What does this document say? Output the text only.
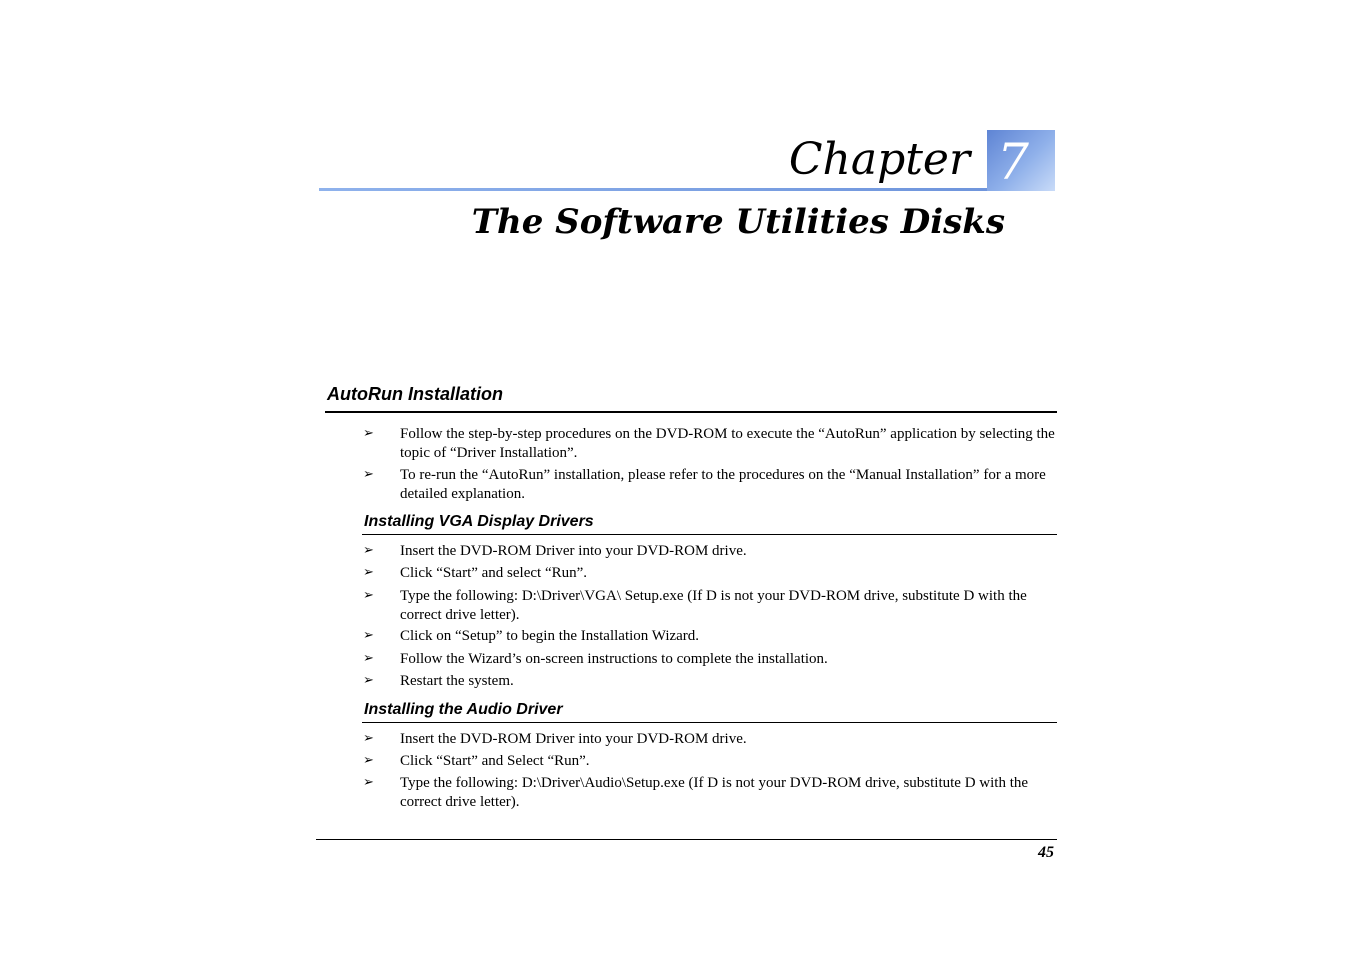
Chapter 7
The Software Utilities Disks
AutoRun Installation
➢ Follow the step-by-step procedures on the DVD-ROM to execute the “AutoRun” application by selecting the topic of “Driver Installation”.
➢ To re-run the “AutoRun” installation, please refer to the procedures on the “Manual Installation” for a more detailed explanation.
Installing VGA Display Drivers
➢ Insert the DVD-ROM Driver into your DVD-ROM drive.
➢ Click “Start” and select “Run”.
➢ Type the following: D:\Driver\VGA\ Setup.exe (If D is not your DVD-ROM drive, substitute D with the correct drive letter).
➢ Click on “Setup” to begin the Installation Wizard.
➢ Follow the Wizard’s on-screen instructions to complete the installation.
➢ Restart the system.
Installing the Audio Driver
➢ Insert the DVD-ROM Driver into your DVD-ROM drive.
➢ Click “Start” and Select “Run”.
➢ Type the following: D:\Driver\Audio\Setup.exe (If D is not your DVD-ROM drive, substitute D with the correct drive letter).
45
